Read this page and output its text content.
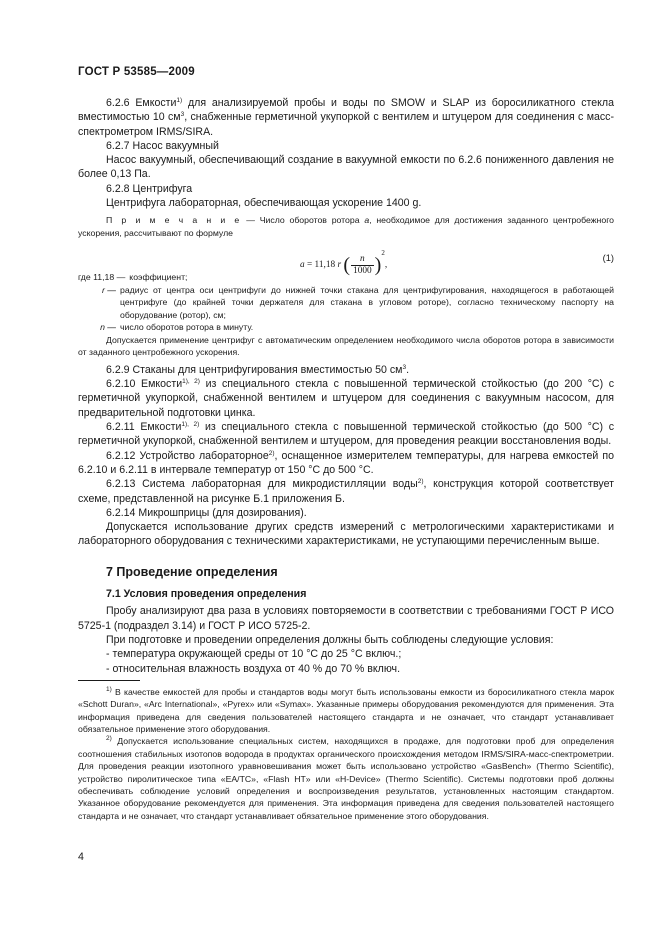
ГОСТ Р 53585—2009

6.2.6 Емкости$^{1)}$ для анализируемой пробы и воды по SMOW и SLAP из боросиликатного стекла вместимостью 10 $см^3$, снабженные герметичной укупоркой с вентилем и штуцером для соединения с масс-спектрометром IRMS/SIRA.

6.2.7 Насос вакуумный

Насос вакуумный, обеспечивающий создание в вакуумной емкости по 6.2.6 пониженного давления не более 0,13 Па.

6.2.8 Центрифуга

Центрифуга лабораторная, обеспечивающая ускорение 1400 g.

П р и м е ч а н и е — Число оборотов ротора a, необходимое для достижения заданного центробежного ускорения, рассчитывают по формуле

a = 11,18 r ( $\frac{n}{1000} )^2$,
(1)
где 11,18 — коэффициент;
r — радиус от центра оси центрифуги до нижней точки стакана для центрифугирования, находящегося в работающей центрифуге (до крайней точки держателя для стакана в угловом роторе), согласно техническому паспорту на оборудование (ротор), см;
n — число оборотов ротора в минуту.

Допускается применение центрифуг с автоматическим определением необходимого числа оборотов ротора в зависимости от заданного центробежного ускорения.

6.2.9 Стаканы для центрифугирования вместимостью 50 $см^3$.

6.2.10 Емкости$^{1), 2)}$ из специального стекла с повышенной термической стойкостью (до 200 °С) с герметичной укупоркой, снабженной вентилем и штуцером для соединения с вакуумным насосом, для предварительной подготовки цинка.

6.2.11 Емкости$^{1), 2)}$ из специального стекла с повышенной термической стойкостью (до 500 °С) с герметичной укупоркой, снабженной вентилем и штуцером, для проведения реакции восстановления воды.

6.2.12 Устройство лабораторное$^{2)}$, оснащенное измерителем температуры, для нагрева емкостей по 6.2.10 и 6.2.11 в интервале температур от 150 °С до 500 °С.

6.2.13 Система лабораторная для микродистилляции воды$^{2)}$, конструкция которой соответствует схеме, представленной на рисунке Б.1 приложения Б.

6.2.14 Микрошприцы (для дозирования).

Допускается использование других средств измерений с метрологическими характеристиками и лабораторного оборудования с техническими характеристиками, не уступающими перечисленным выше.

7 Проведение определения
7.1 Условия проведения определения

Пробу анализируют два раза в условиях повторяемости в соответствии с требованиями ГОСТ Р ИСО 5725-1 (подраздел 3.14) и ГОСТ Р ИСО 5725-2.

При подготовке и проведении определения должны быть соблюдены следующие условия:

- температура окружающей среды от 10 °С до 25 °С включ.;

- относительная влажность воздуха от 40 % до 70 % включ.

$^{1)}$ В качестве емкостей для пробы и стандартов воды могут быть использованы емкости из боросиликатного стекла марок «Schott Duran», «Arc International», «Pyrex» или «Symax». Указанные примеры оборудования рекомендуются для применения. Эта информация приведена для сведения пользователей настоящего стандарта и не означает, что стандарт устанавливает обязательное применение этого оборудования.

$^{2)}$ Допускается использование специальных систем, находящихся в продаже, для подготовки проб для определения соотношения стабильных изотопов водорода в продуктах органического происхождения методом IRMS/SIRA-масс-спектрометрии. Для проведения реакции изотопного уравновешивания может быть использовано устройство «GasBench» (Thermo Scientific), устройство пиролитическое типа «EA/TC», «Flash HT» или «H-Device» (Thermo Scientific). Системы подготовки проб должны обеспечивать соблюдение условий определения и воспроизведения результатов, установленных настоящим стандартом. Указанное оборудование рекомендуется для применения. Эта информация приведена для сведения пользователей настоящего стандарта и не означает, что стандарт устанавливает обязательное применение этого оборудования.

4
